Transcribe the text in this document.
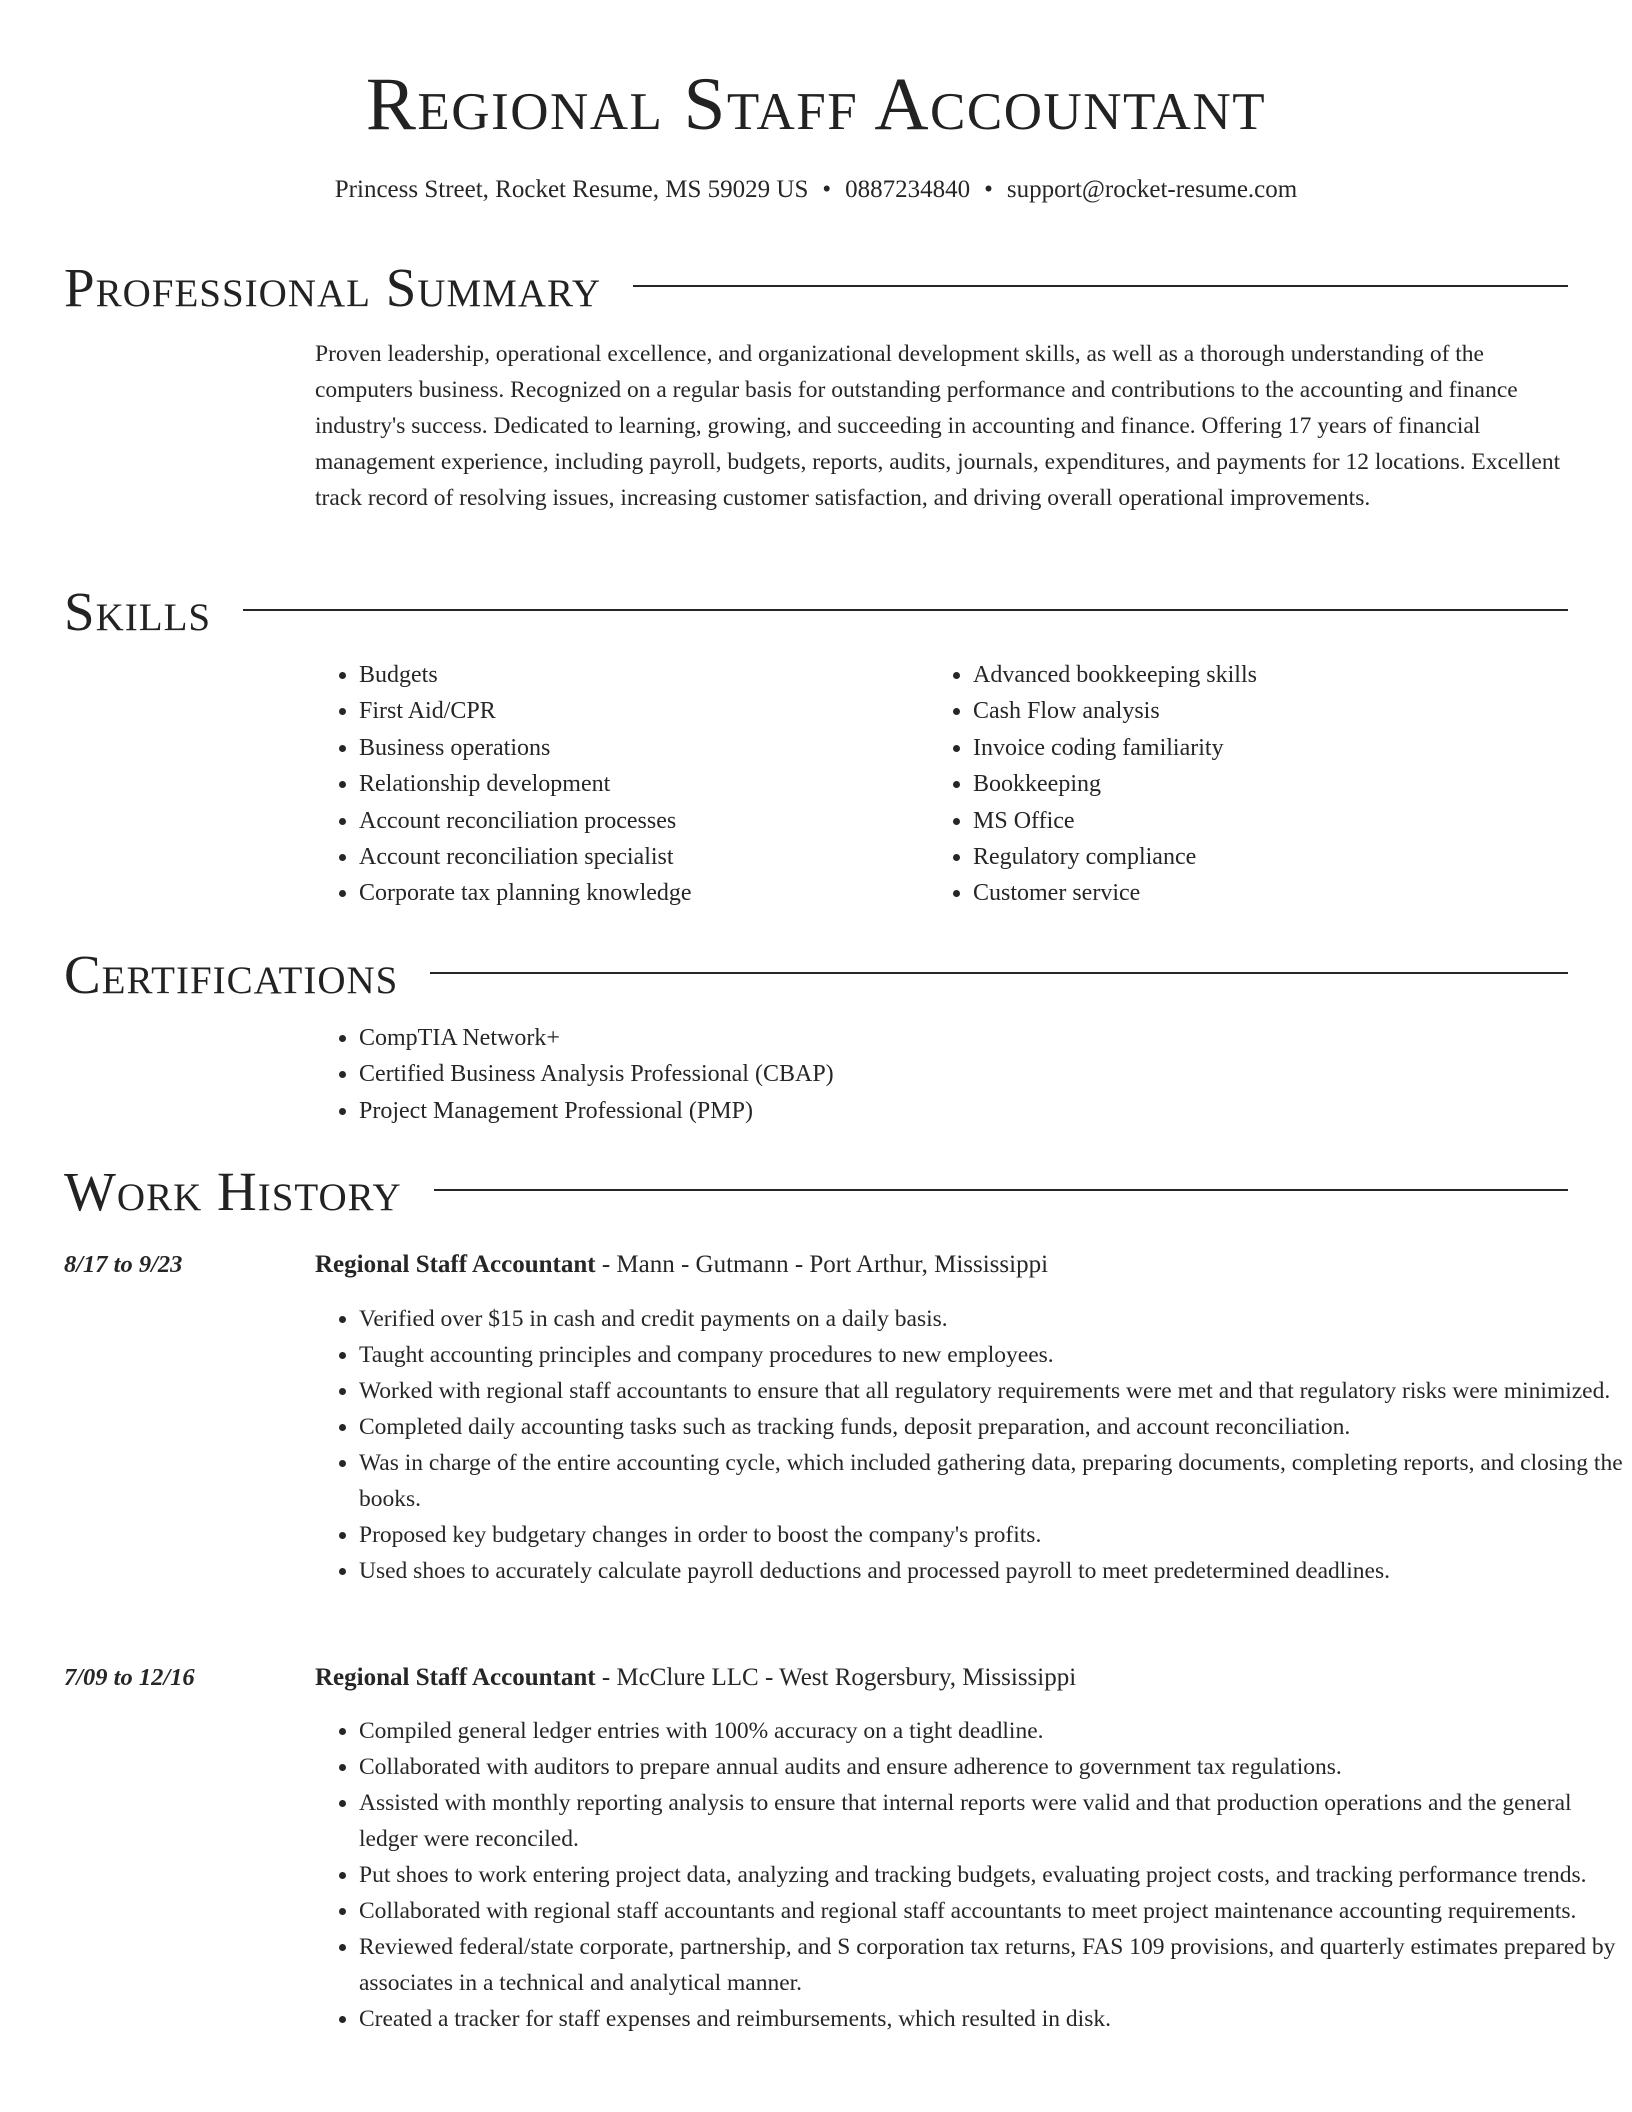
Regional Staff Accountant
Princess Street, Rocket Resume, MS 59029 US • 0887234840 • support@rocket-resume.com
Professional Summary

Proven leadership, operational excellence, and organizational development skills, as well as a thorough understanding of the computers business. Recognized on a regular basis for outstanding performance and contributions to the accounting and finance industry's success. Dedicated to learning, growing, and succeeding in accounting and finance. Offering 17 years of financial management experience, including payroll, budgets, reports, audits, journals, expenditures, and payments for 12 locations. Excellent track record of resolving issues, increasing customer satisfaction, and driving overall operational improvements.

Skills
• Budgets
• First Aid/CPR
• Business operations
• Relationship development
• Account reconciliation processes
• Account reconciliation specialist
• Corporate tax planning knowledge
• Advanced bookkeeping skills
• Cash Flow analysis
• Invoice coding familiarity
• Bookkeeping
• MS Office
• Regulatory compliance
• Customer service
Certifications
• CompTIA Network+
• Certified Business Analysis Professional (CBAP)
• Project Management Professional (PMP)
Work History
8/17 to 9/23	Regional Staff Accountant - Mann - Gutmann - Port Arthur, Mississippi
• Verified over $15 in cash and credit payments on a daily basis.
• Taught accounting principles and company procedures to new employees.
• Worked with regional staff accountants to ensure that all regulatory requirements were met and that regulatory risks were minimized.
• Completed daily accounting tasks such as tracking funds, deposit preparation, and account reconciliation.
• Was in charge of the entire accounting cycle, which included gathering data, preparing documents, completing reports, and closing the books.
• Proposed key budgetary changes in order to boost the company's profits.
• Used shoes to accurately calculate payroll deductions and processed payroll to meet predetermined deadlines.
7/09 to 12/16	Regional Staff Accountant - McClure LLC - West Rogersbury, Mississippi
• Compiled general ledger entries with 100% accuracy on a tight deadline.
• Collaborated with auditors to prepare annual audits and ensure adherence to government tax regulations.
• Assisted with monthly reporting analysis to ensure that internal reports were valid and that production operations and the general ledger were reconciled.
• Put shoes to work entering project data, analyzing and tracking budgets, evaluating project costs, and tracking performance trends.
• Collaborated with regional staff accountants and regional staff accountants to meet project maintenance accounting requirements.
• Reviewed federal/state corporate, partnership, and S corporation tax returns, FAS 109 provisions, and quarterly estimates prepared by associates in a technical and analytical manner.
• Created a tracker for staff expenses and reimbursements, which resulted in disk.
